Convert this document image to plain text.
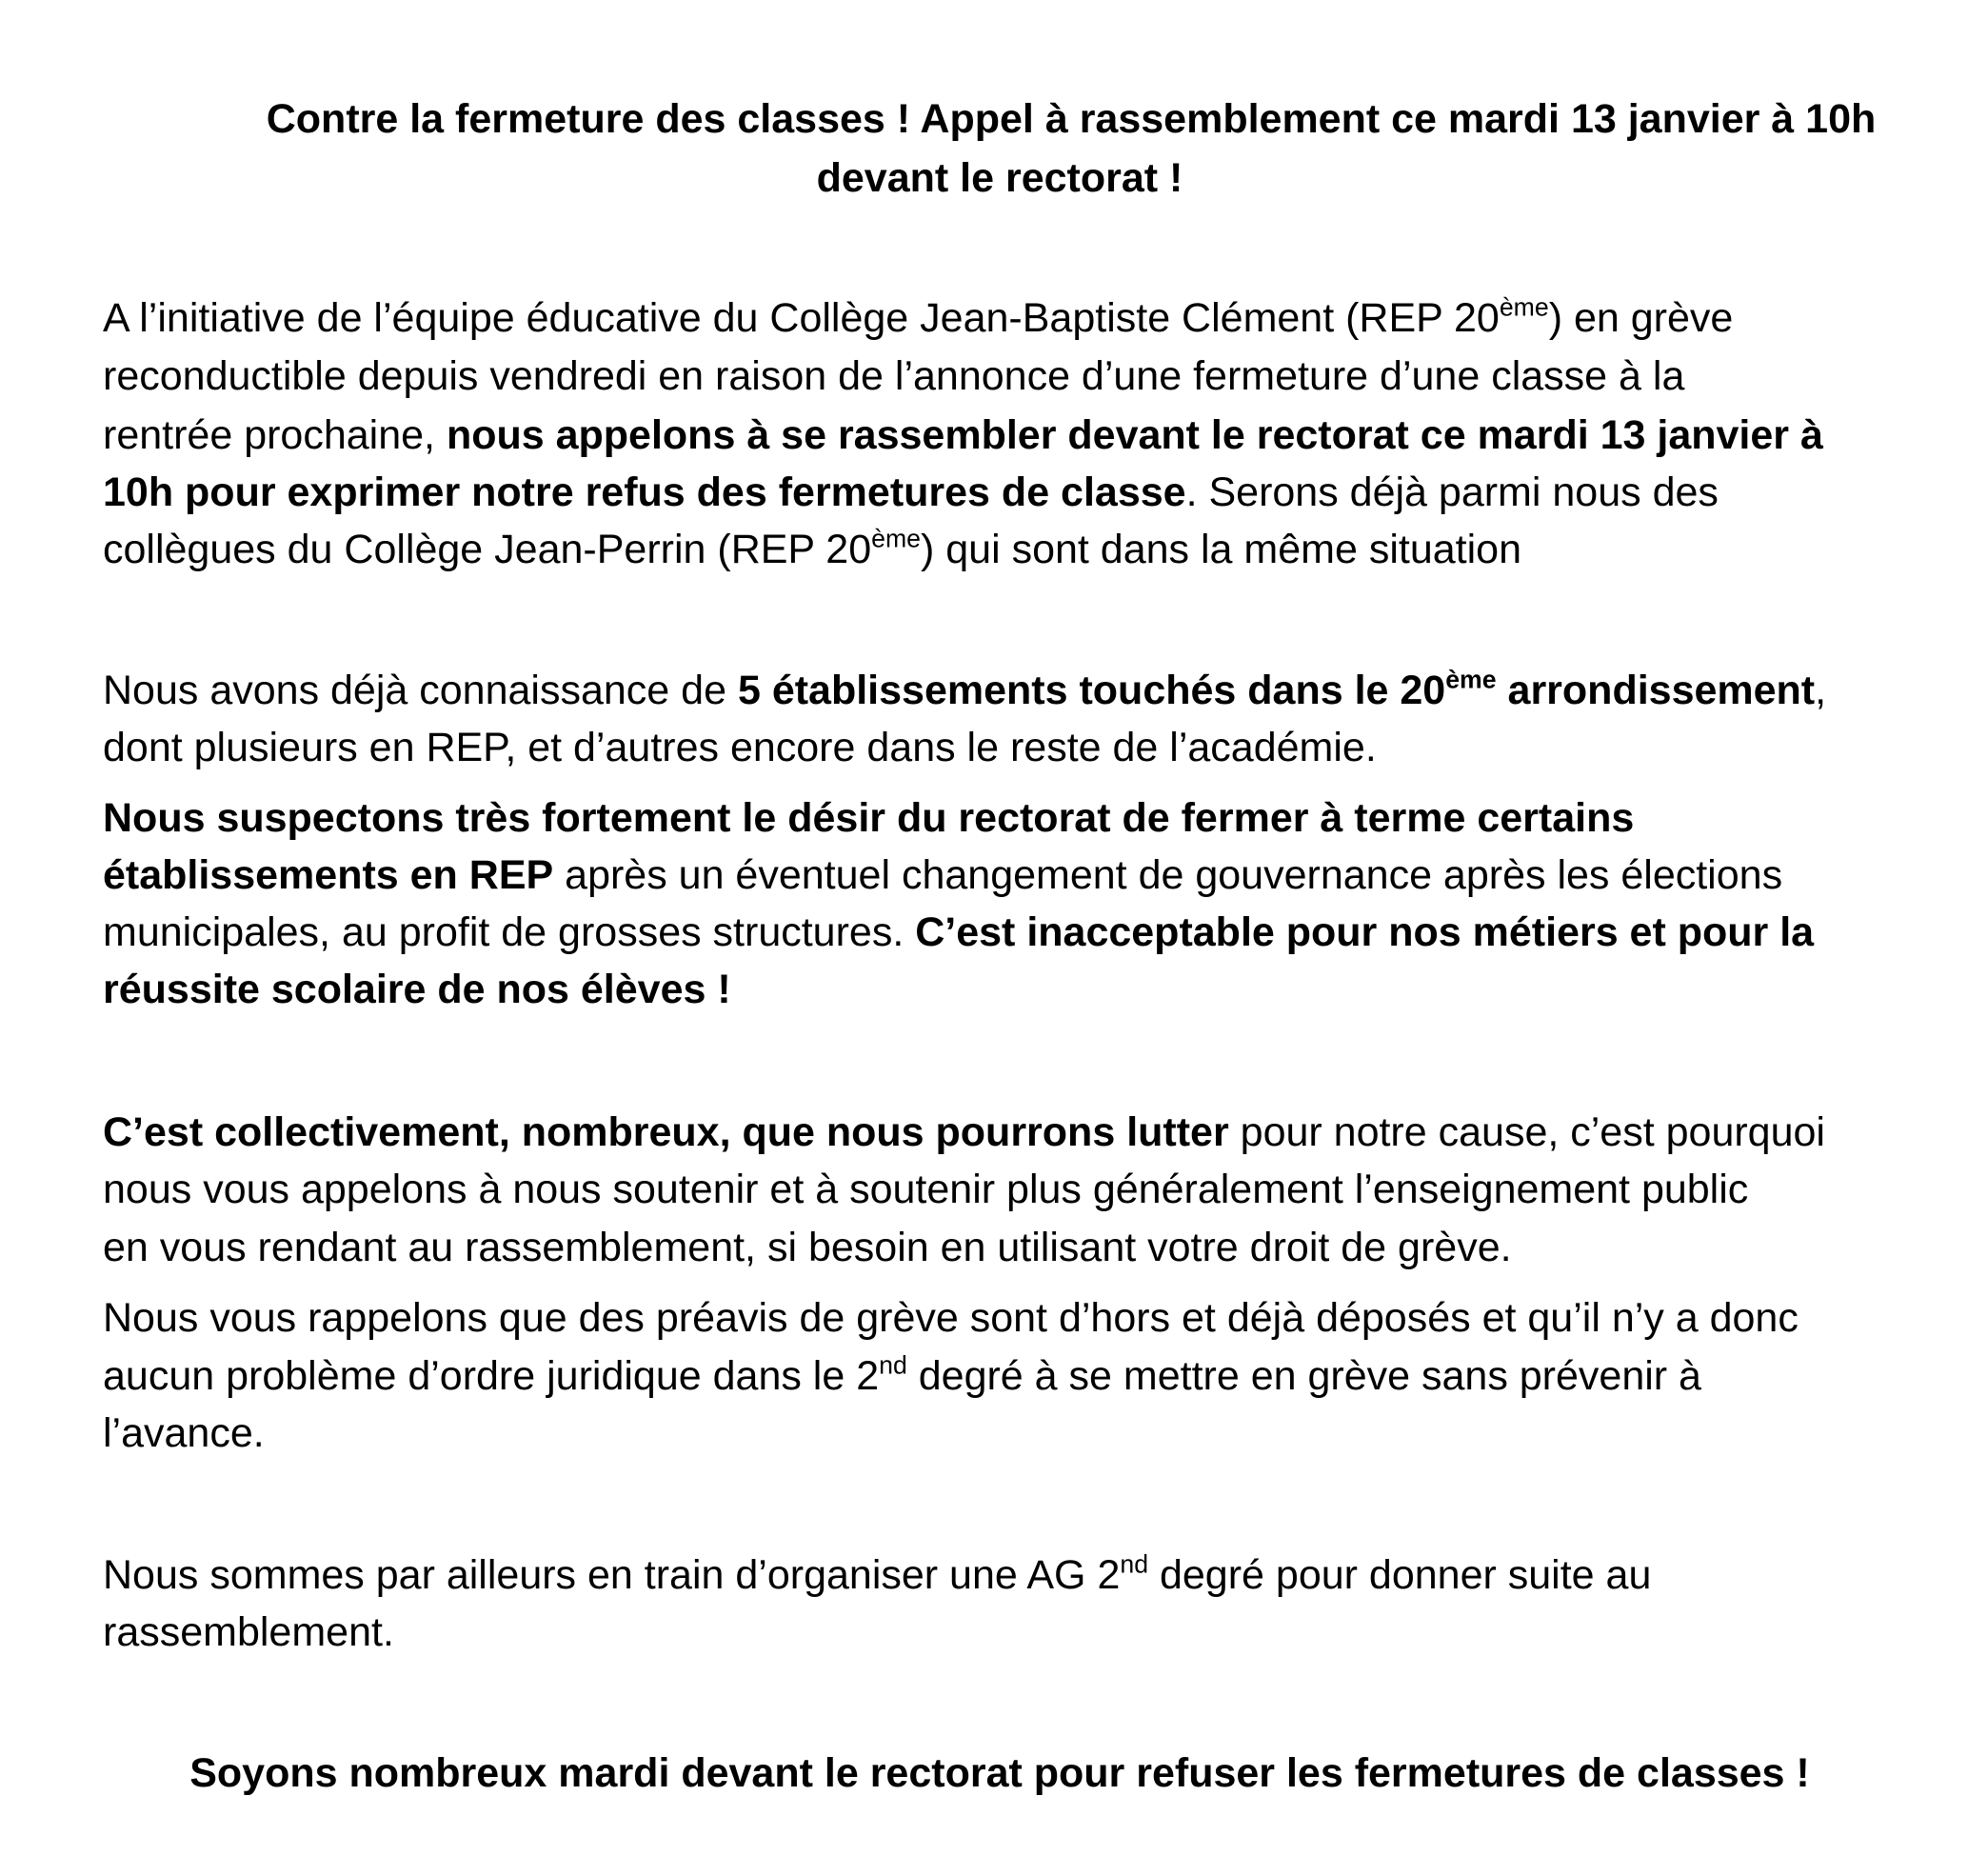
Contre la fermeture des classes ! Appel à rassemblement ce mardi 13 janvier à 10h
devant le rectorat !
A l’initiative de l’équipe éducative du Collège Jean-Baptiste Clément (REP 20ème) en grève
reconductible depuis vendredi en raison de l’annonce d’une fermeture d’une classe à la
rentrée prochaine, nous appelons à se rassembler devant le rectorat ce mardi 13 janvier à
10h pour exprimer notre refus des fermetures de classe. Serons déjà parmi nous des
collègues du Collège Jean-Perrin (REP 20ème) qui sont dans la même situation
Nous avons déjà connaissance de 5 établissements touchés dans le 20ème arrondissement,
dont plusieurs en REP, et d’autres encore dans le reste de l’académie.
Nous suspectons très fortement le désir du rectorat de fermer à terme certains
établissements en REP après un éventuel changement de gouvernance après les élections
municipales, au profit de grosses structures. C’est inacceptable pour nos métiers et pour la
réussite scolaire de nos élèves !
C’est collectivement, nombreux, que nous pourrons lutter pour notre cause, c’est pourquoi
nous vous appelons à nous soutenir et à soutenir plus généralement l’enseignement public
en vous rendant au rassemblement, si besoin en utilisant votre droit de grève.
Nous vous rappelons que des préavis de grève sont d’hors et déjà déposés et qu’il n’y a donc
aucun problème d’ordre juridique dans le 2nd degré à se mettre en grève sans prévenir à
l’avance.
Nous sommes par ailleurs en train d’organiser une AG 2nd degré pour donner suite au
rassemblement.
Soyons nombreux mardi devant le rectorat pour refuser les fermetures de classes !
